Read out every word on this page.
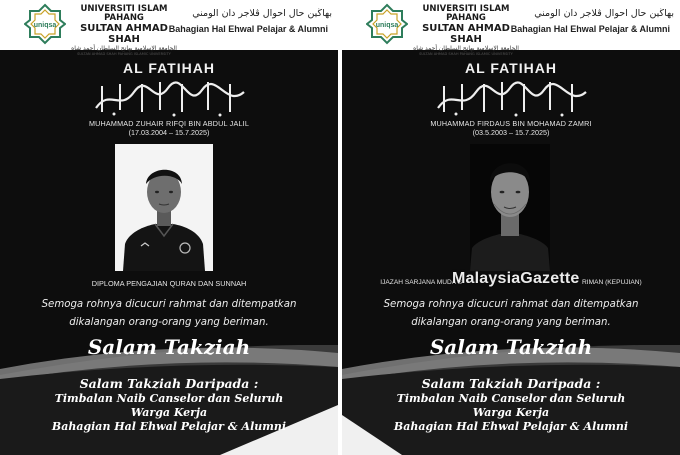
uniqsa
UNIVERSITI ISLAM PAHANG
SULTAN AHMAD SHAH
الجامعة الإسلامية بهانج السلطان أحمد شاه
SULTAN AHMAD SHAH PAHANG ISLAMIC UNIVERSITY
بهاڬين حال احوال ڤلاجر دان الومني
Bahagian Hal Ehwal Pelajar & Alumni
AL FATIHAH
MUHAMMAD ZUHAIR RIFQI BIN ABDUL JALIL
(17.03.2004 – 15.7.2025)
DIPLOMA PENGAJIAN QURAN DAN SUNNAH
Semoga rohnya dicucuri rahmat dan ditempatkan
dikalangan orang-orang yang beriman.
Salam Takziah
Salam Takziah Daripada :
Timbalan Naib Canselor dan Seluruh
Warga Kerja
Bahagian Hal Ehwal Pelajar & Alumni
uniqsa
UNIVERSITI ISLAM PAHANG
SULTAN AHMAD SHAH
الجامعة الإسلامية بهانج السلطان أحمد شاه
SULTAN AHMAD SHAH PAHANG ISLAMIC UNIVERSITY
بهاڬين حال احوال ڤلاجر دان الومني
Bahagian Hal Ehwal Pelajar & Alumni
AL FATIHAH
MUHAMMAD FIRDAUS BIN MOHAMAD ZAMRI
(03.5.2003 – 15.7.2025)
IJAZAH SARJANA MUDA S	RIMAN (KEPUJIAN)
Semoga rohnya dicucuri rahmat dan ditempatkan
dikalangan orang-orang yang beriman.
Salam Takziah
Salam Takziah Daripada :
Timbalan Naib Canselor dan Seluruh
Warga Kerja
Bahagian Hal Ehwal Pelajar & Alumni
MalaysiaGazette
